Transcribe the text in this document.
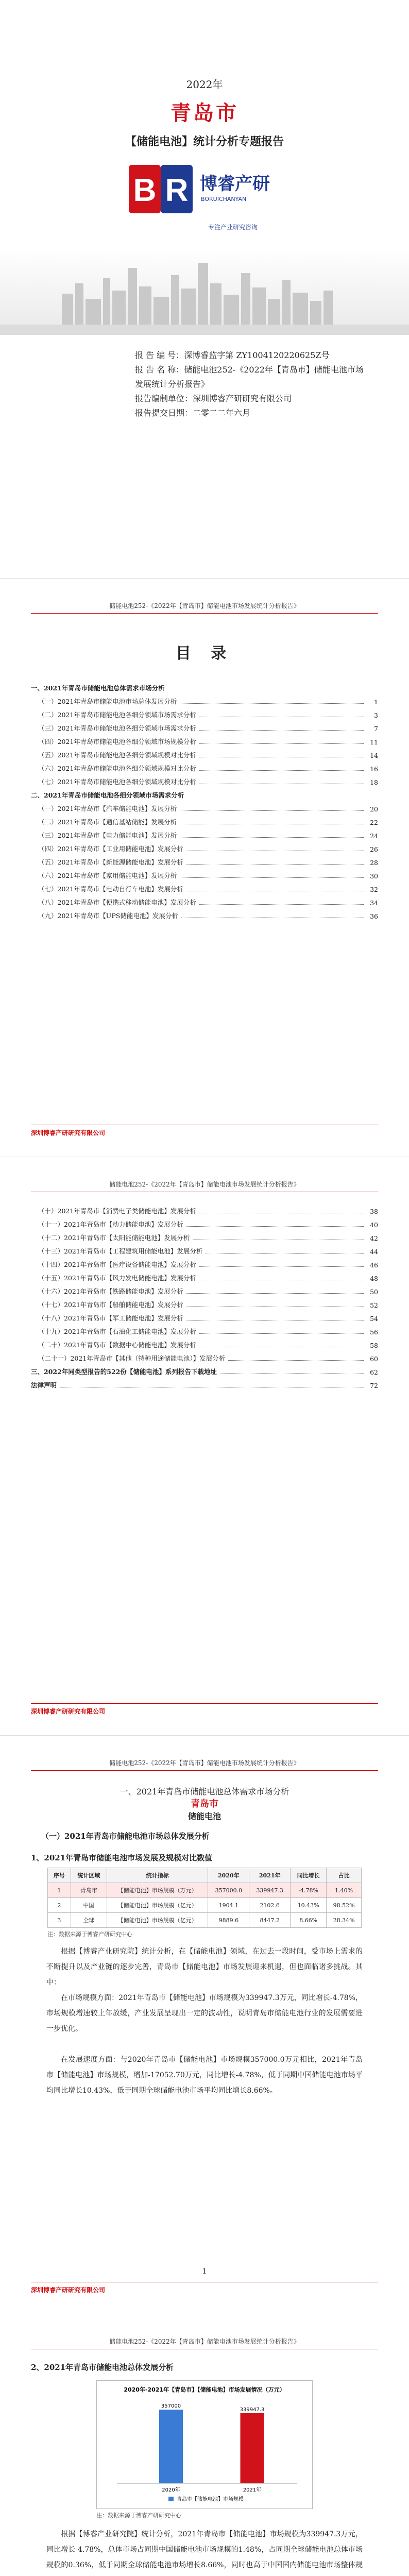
2022年
青岛市
【储能电池】统计分析专题报告
B R 博睿产研
BORUICHANYAN
专注产业研究咨询
报 告 编 号：深博睿监字第 ZY1004120220625Z号
报 告 名 称：储能电池252-《2022年【青岛市】储能电池市场发展统计分析报告》
报告编制单位：深圳博睿产研研究有限公司
报告提交日期：二零二二年六月
储能电池252-《2022年【青岛市】储能电池市场发展统计分析报告》
目 录
一、2021年青岛市储能电池总体需求市场分析
（一）2021年青岛市储能电池市场总体发展分析	1
（二）2021年青岛市储能电池各细分领域市场需求分析	3
（三）2021年青岛市储能电池各细分领域市场需求分析	7
（四）2021年青岛市储能电池各细分领域市场规模分析	11
（五）2021年青岛市储能电池各细分领域规模对比分析	14
（六）2021年青岛市储能电池各细分领域规模对比分析	16
（七）2021年青岛市储能电池各细分领域规模对比分析	18
二、2021年青岛市储能电池各细分领域市场需求分析
（一）2021年青岛市【汽车储能电池】发展分析	20
（二）2021年青岛市【通信基站储能】发展分析	22
（三）2021年青岛市【电力储能电池】发展分析	24
（四）2021年青岛市【工业用储能电池】发展分析	26
（五）2021年青岛市【新能源储能电池】发展分析	28
（六）2021年青岛市【家用储能电池】发展分析	30
（七）2021年青岛市【电动自行车电池】发展分析	32
（八）2021年青岛市【便携式移动储能电池】发展分析	34
（九）2021年青岛市【UPS储能电池】发展分析	36
深圳博睿产研研究有限公司
储能电池252-《2022年【青岛市】储能电池市场发展统计分析报告》
（十）2021年青岛市【消费电子类储能电池】发展分析	38
（十一）2021年青岛市【动力储能电池】发展分析	40
（十二）2021年青岛市【太阳能储能电池】发展分析	42
（十三）2021年青岛市【工程建筑用储能电池】发展分析	44
（十四）2021年青岛市【医疗设备储能电池】发展分析	46
（十五）2021年青岛市【风力发电储能电池】发展分析	48
（十六）2021年青岛市【铁路储能电池】发展分析	50
（十七）2021年青岛市【船舶储能电池】发展分析	52
（十八）2021年青岛市【军工储能电池】发展分析	54
（十九）2021年青岛市【石油化工储能电池】发展分析	56
（二十）2021年青岛市【数据中心储能电池】发展分析	58
（二十一）2021年青岛市【其他（特种用途储能电池）】发展分析	60
三、2022年同类型报告的522份【储能电池】系列报告下载地址	62
法律声明	72
深圳博睿产研研究有限公司
储能电池252-《2022年【青岛市】储能电池市场发展统计分析报告》
一、2021年青岛市储能电池总体需求市场分析
青岛市
储能电池
（一）2021年青岛市储能电池市场总体发展分析
1、2021年青岛市储能电池市场发展及规模对比数值
序号	统计区域	统计指标	2020年	2021年	同比增长	占比
1	青岛市	【储能电池】市场规模（万元）	357000.0	339947.3	-4.78%	1.40%
2	中国	【储能电池】市场规模（亿元）	1904.1	2102.6	10.43%	98.52%
3	全球	【储能电池】市场规模（亿元）	9889.6	8447.2	8.66%	28.34%
注：数据来源于博睿产研研究中心
根据【博睿产业研究院】统计分析，在【储能电池】领域，在过去一段时间，受市场上需求的不断提升以及产业链的逐步完善，青岛市【储能电池】市场发展迎来机遇，但也面临诸多挑战。其中：
在市场规模方面：2021年青岛市【储能电池】市场规模为339947.3万元，同比增长-4.78%，市场规模增速较上年放缓，产业发展呈现出一定的波动性，说明青岛市储能电池行业的发展需要进一步优化。
在发展速度方面：与2020年青岛市【储能电池】市场规模357000.0万元相比，2021年青岛市【储能电池】市场规模，增加-17052.70万元，同比增长-4.78%，低于同期中国储能电池市场平均同比增长10.43%，低于同期全球储能电池市场平均同比增长8.66%。
1
深圳博睿产研研究有限公司
储能电池252-《2022年【青岛市】储能电池市场发展统计分析报告》
2、2021年青岛市储能电池总体发展分析
2020年-2021年【青岛市】【储能电池】市场发展情况（万元）
357000
2020年
339947.3
2021年
青岛市【储能电池】市场规模
注：数据来源于博睿产研研究中心
根据【博睿产业研究院】统计分析，2021年青岛市【储能电池】市场规模为339947.3万元，同比增长-4.78%，总体市场占同期中国储能电池市场规模的1.48%，占同期全球储能电池总体市场规模的0.36%，低于同期全球储能电池市场增长8.66%，同时也高于中国国内储能电池市场整体规
